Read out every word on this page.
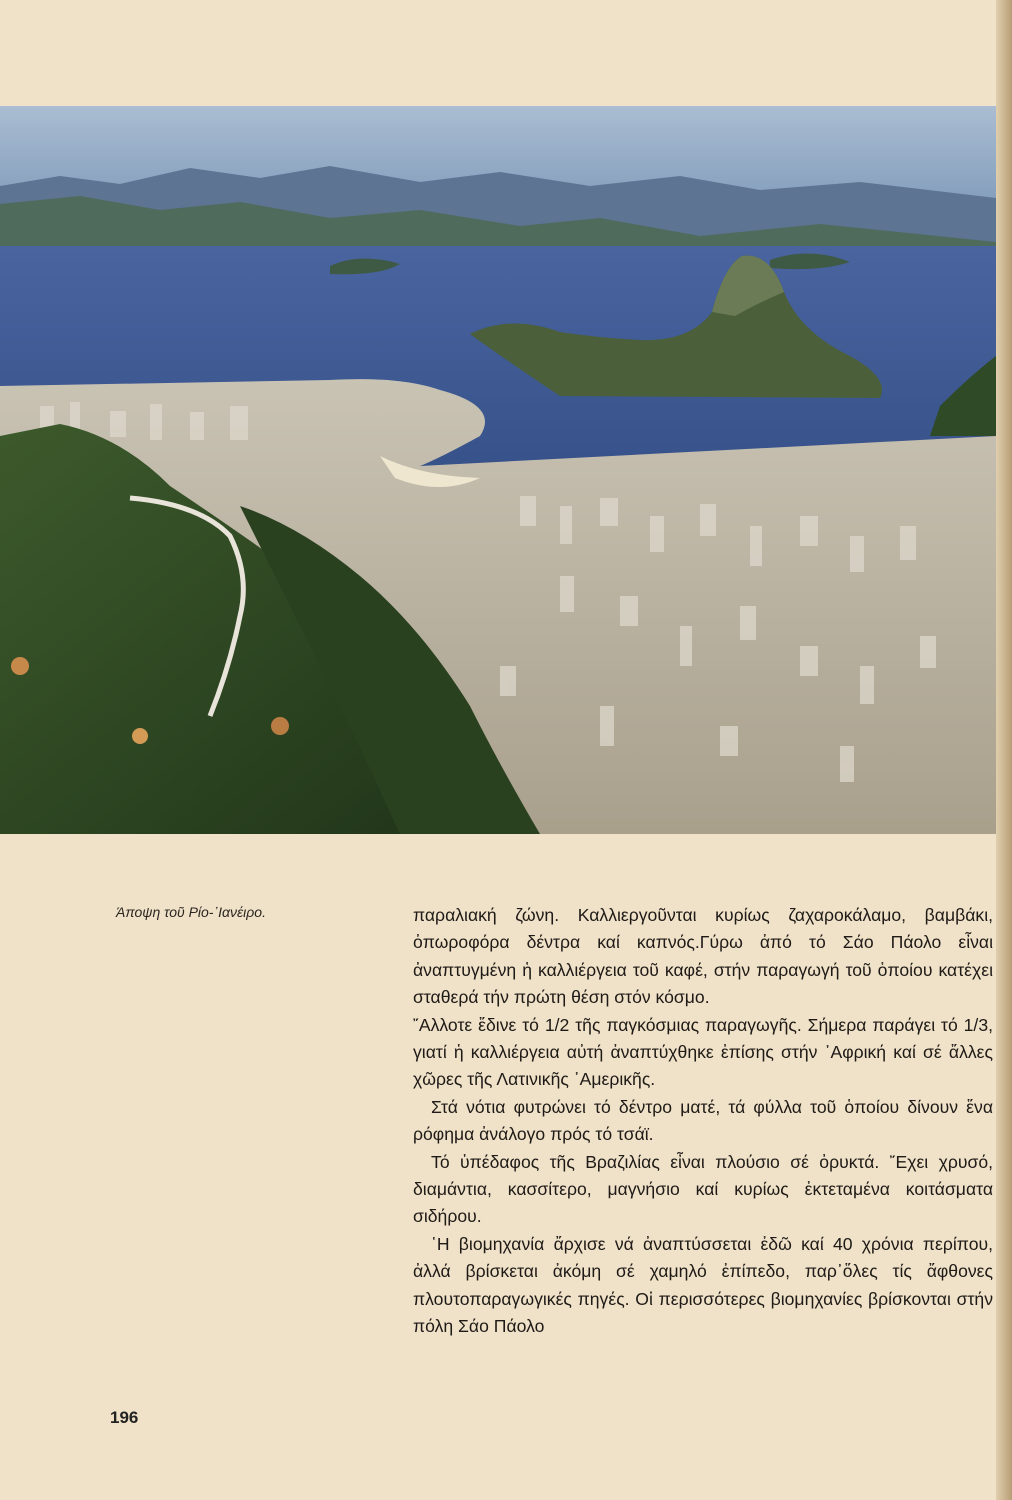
Άποψη τοῦ Ρίο-᾿Ιανέιρο.	παραλιακή ζώνη. Καλλιεργοῦνται κυρίως ζαχαροκάλαμο, βαμβάκι, ὀπωροφόρα δέντρα καί καπνός.Γύρω ἀπό τό Σάο Πάολο εἶναι ἀναπτυγμένη ἡ καλλιέργεια τοῦ καφέ, στήν παραγωγή τοῦ ὁποίου κατέχει σταθερά τήν πρώτη θέση στόν κόσμο.

῎Αλλοτε ἔδινε τό 1/2 τῆς παγκόσμιας παραγωγῆς. Σήμερα παράγει τό 1/3, γιατί ἡ καλλιέργεια αὐτή ἀναπτύχθηκε ἐπίσης στήν ᾿Αφρική καί σέ ἄλλες χῶρες τῆς Λατινικῆς ᾿Αμερικῆς.

Στά νότια φυτρώνει τό δέντρο ματέ, τά φύλλα τοῦ ὁποίου δίνουν ἕνα ρόφημα ἀνάλογο πρός τό τσάϊ.

Τό ὑπέδαφος τῆς Βραζιλίας εἶναι πλούσιο σέ ὀρυκτά. ῎Εχει χρυσό, διαμάντια, κασσίτερο, μαγνήσιο καί κυρίως ἐκτεταμένα κοιτάσματα σιδήρου.

῾Η βιομηχανία ἄρχισε νά ἀναπτύσσεται ἐδῶ καί 40 χρόνια περίπου, ἀλλά βρίσκεται ἀκόμη σέ χαμηλό ἐπίπεδο, παρ᾿ὅλες τίς ἄφθονες πλουτοπαραγωγικές πηγές. Οἱ περισσότερες βιομηχανίες βρίσκονται στήν πόλη Σάο Πάολο

196
